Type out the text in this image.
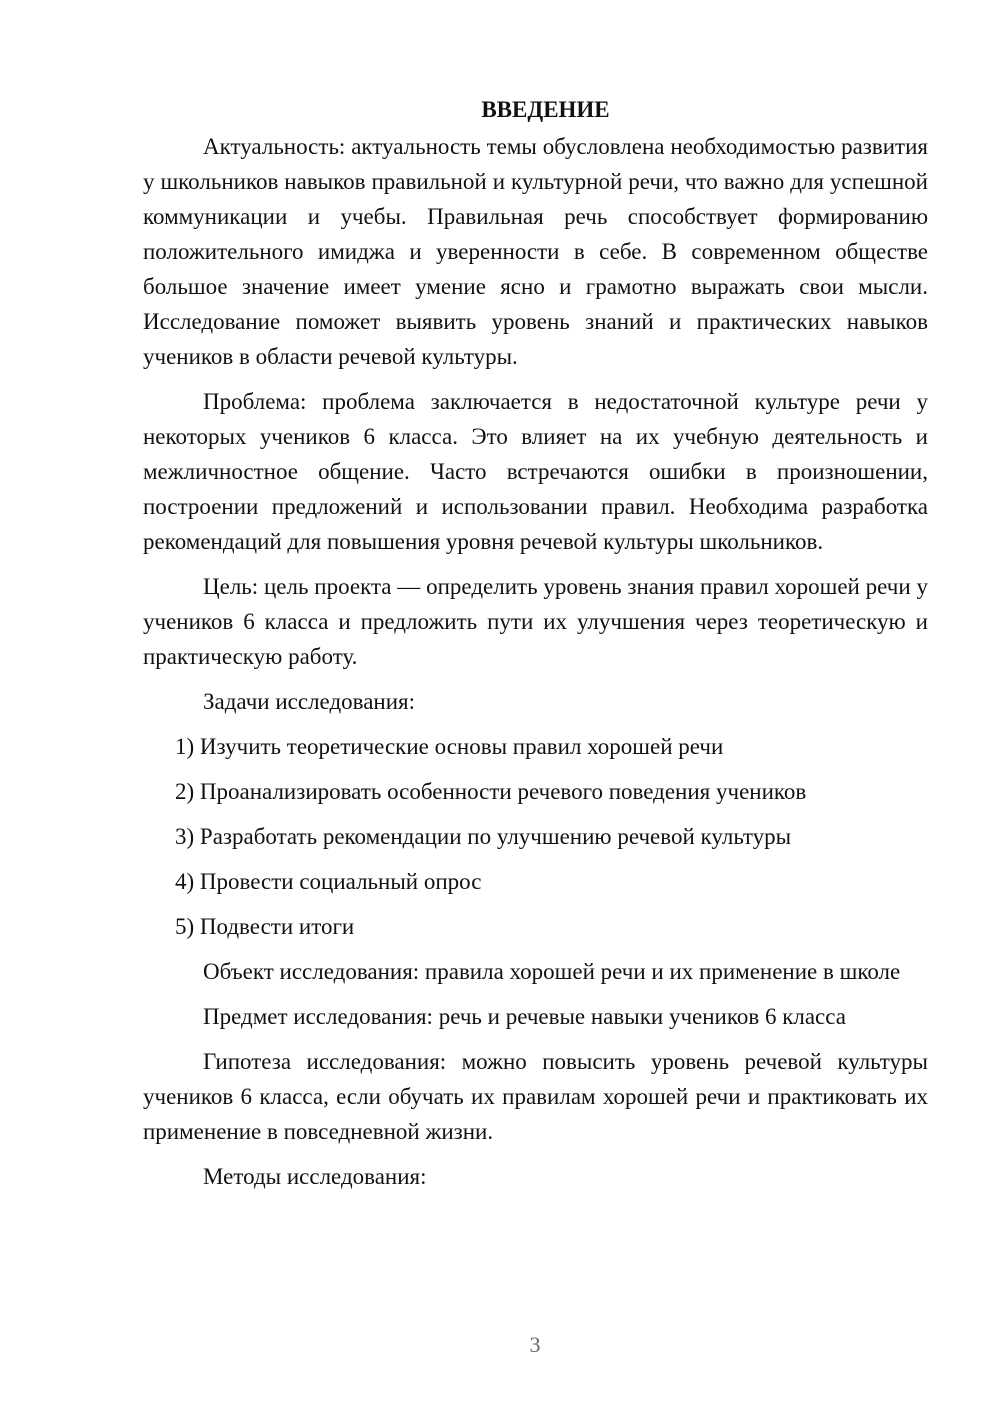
ВВЕДЕНИЕ

Актуальность: актуальность темы обусловлена необходимостью развития у школьников навыков правильной и культурной речи, что важно для успешной коммуникации и учебы. Правильная речь способствует формированию положительного имиджа и уверенности в себе. В современном обществе большое значение имеет умение ясно и грамотно выражать свои мысли. Исследование поможет выявить уровень знаний и практических навыков учеников в области речевой культуры.

Проблема: проблема заключается в недостаточной культуре речи у некоторых учеников 6 класса. Это влияет на их учебную деятельность и межличностное общение. Часто встречаются ошибки в произношении, построении предложений и использовании правил. Необходима разработка рекомендаций для повышения уровня речевой культуры школьников.

Цель: цель проекта — определить уровень знания правил хорошей речи у учеников 6 класса и предложить пути их улучшения через теоретическую и практическую работу.

Задачи исследования:

1) Изучить теоретические основы правил хорошей речи
2) Проанализировать особенности речевого поведения учеников
3) Разработать рекомендации по улучшению речевой культуры
4) Провести социальный опрос
5) Подвести итоги

Объект исследования: правила хорошей речи и их применение в школе

Предмет исследования: речь и речевые навыки учеников 6 класса

Гипотеза исследования: можно повысить уровень речевой культуры учеников 6 класса, если обучать их правилам хорошей речи и практиковать их применение в повседневной жизни.

Методы исследования:

3
